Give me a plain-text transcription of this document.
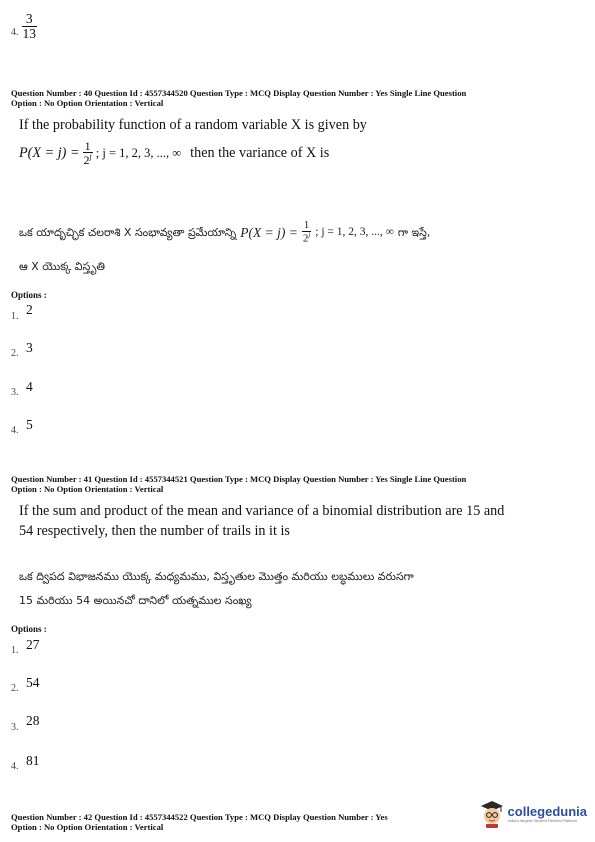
4. $\frac{3}{13}$
Question Number : 40 Question Id : 4557344520 Question Type : MCQ Display Question Number : Yes Single Line Question
Option : No Option Orientation : Vertical
If the probability function of a random variable X is given by
$P(X = j) = \frac{1}{2^j}$ ; j = 1, 2, 3, ..., ∞ then the variance of X is
ఒక యాదృచ్ఛిక చలరాశి X సంభావ్యతా ప్రమేయాన్ని $P(X = j) = \frac{1}{2^j}$ ; j = 1, 2, 3, ..., ∞ గా ఇస్తే,
ఆ X యొక్క విస్తృతి
Options :
1. 2
2. 3
3. 4
4. 5
Question Number : 41 Question Id : 4557344521 Question Type : MCQ Display Question Number : Yes Single Line Question
Option : No Option Orientation : Vertical
If the sum and product of the mean and variance of a binomial distribution are 15 and
54 respectively, then the number of trails in it is
ఒక ద్విపద విభాజనము యొక్క మధ్యమము, విస్తృతుల మొత్తం మరియు లబ్ధములు వరుసగా
15 మరియు 54 అయినచో దానిలో యత్నముల సంఖ్య
Options :
1. 27
2. 54
3. 28
4. 81
Question Number : 42 Question Id : 4557344522 Question Type : MCQ Display Question Number : Yes
Option : No Option Orientation : Vertical
collegedunia
India's largest Student Review Platform
